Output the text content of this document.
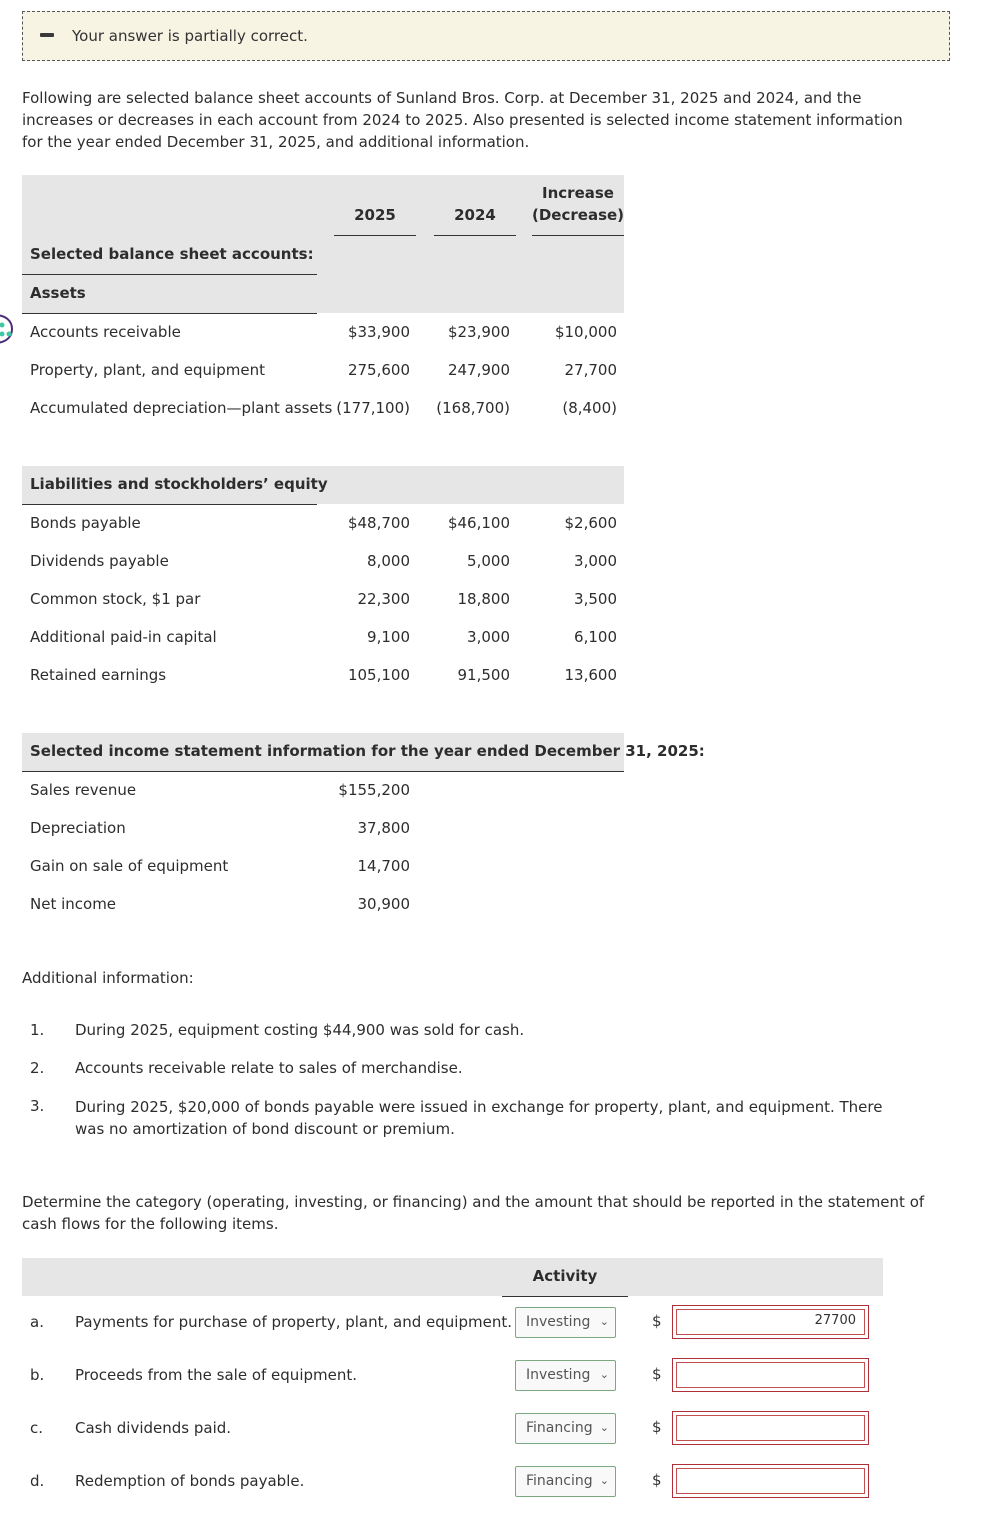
Your answer is partially correct.
Following are selected balance sheet accounts of Sunland Bros. Corp. at December 31, 2025 and 2024, and the increases or decreases in each account from 2024 to 2025. Also presented is selected income statement information for the year ended December 31, 2025, and additional information.
2025	2024
Increase
(Decrease)
Selected balance sheet accounts:
Assets
Accounts receivable	$33,900	$23,900	$10,000
Property, plant, and equipment	275,600	247,900	27,700
Accumulated depreciation—plant assets (177,100)	(168,700)	(8,400)
Liabilities and stockholders’ equity
Bonds payable	$48,700	$46,100	$2,600
Dividends payable	8,000	5,000	3,000
Common stock, $1 par	22,300	18,800	3,500
Additional paid-in capital	9,100	3,000	6,100
Retained earnings	105,100	91,500	13,600
Selected income statement information for the year ended December 31, 2025:
Sales revenue	$155,200
Depreciation	37,800
Gain on sale of equipment	14,700
Net income	30,900
Additional information:
1. During 2025, equipment costing $44,900 was sold for cash.
2. Accounts receivable relate to sales of merchandise.
3. During 2025, $20,000 of bonds payable were issued in exchange for property, plant, and equipment. There was no amortization of bond discount or premium.
Determine the category (operating, investing, or financing) and the amount that should be reported in the statement of cash flows for the following items.
Activity
a. Payments for purchase of property, plant, and equipment. Investing ⌄	$	27700
b. Proceeds from the sale of equipment.	Investing ⌄	$
c. Cash dividends paid.	Financing ⌄	$
d. Redemption of bonds payable.	Financing ⌄	$
